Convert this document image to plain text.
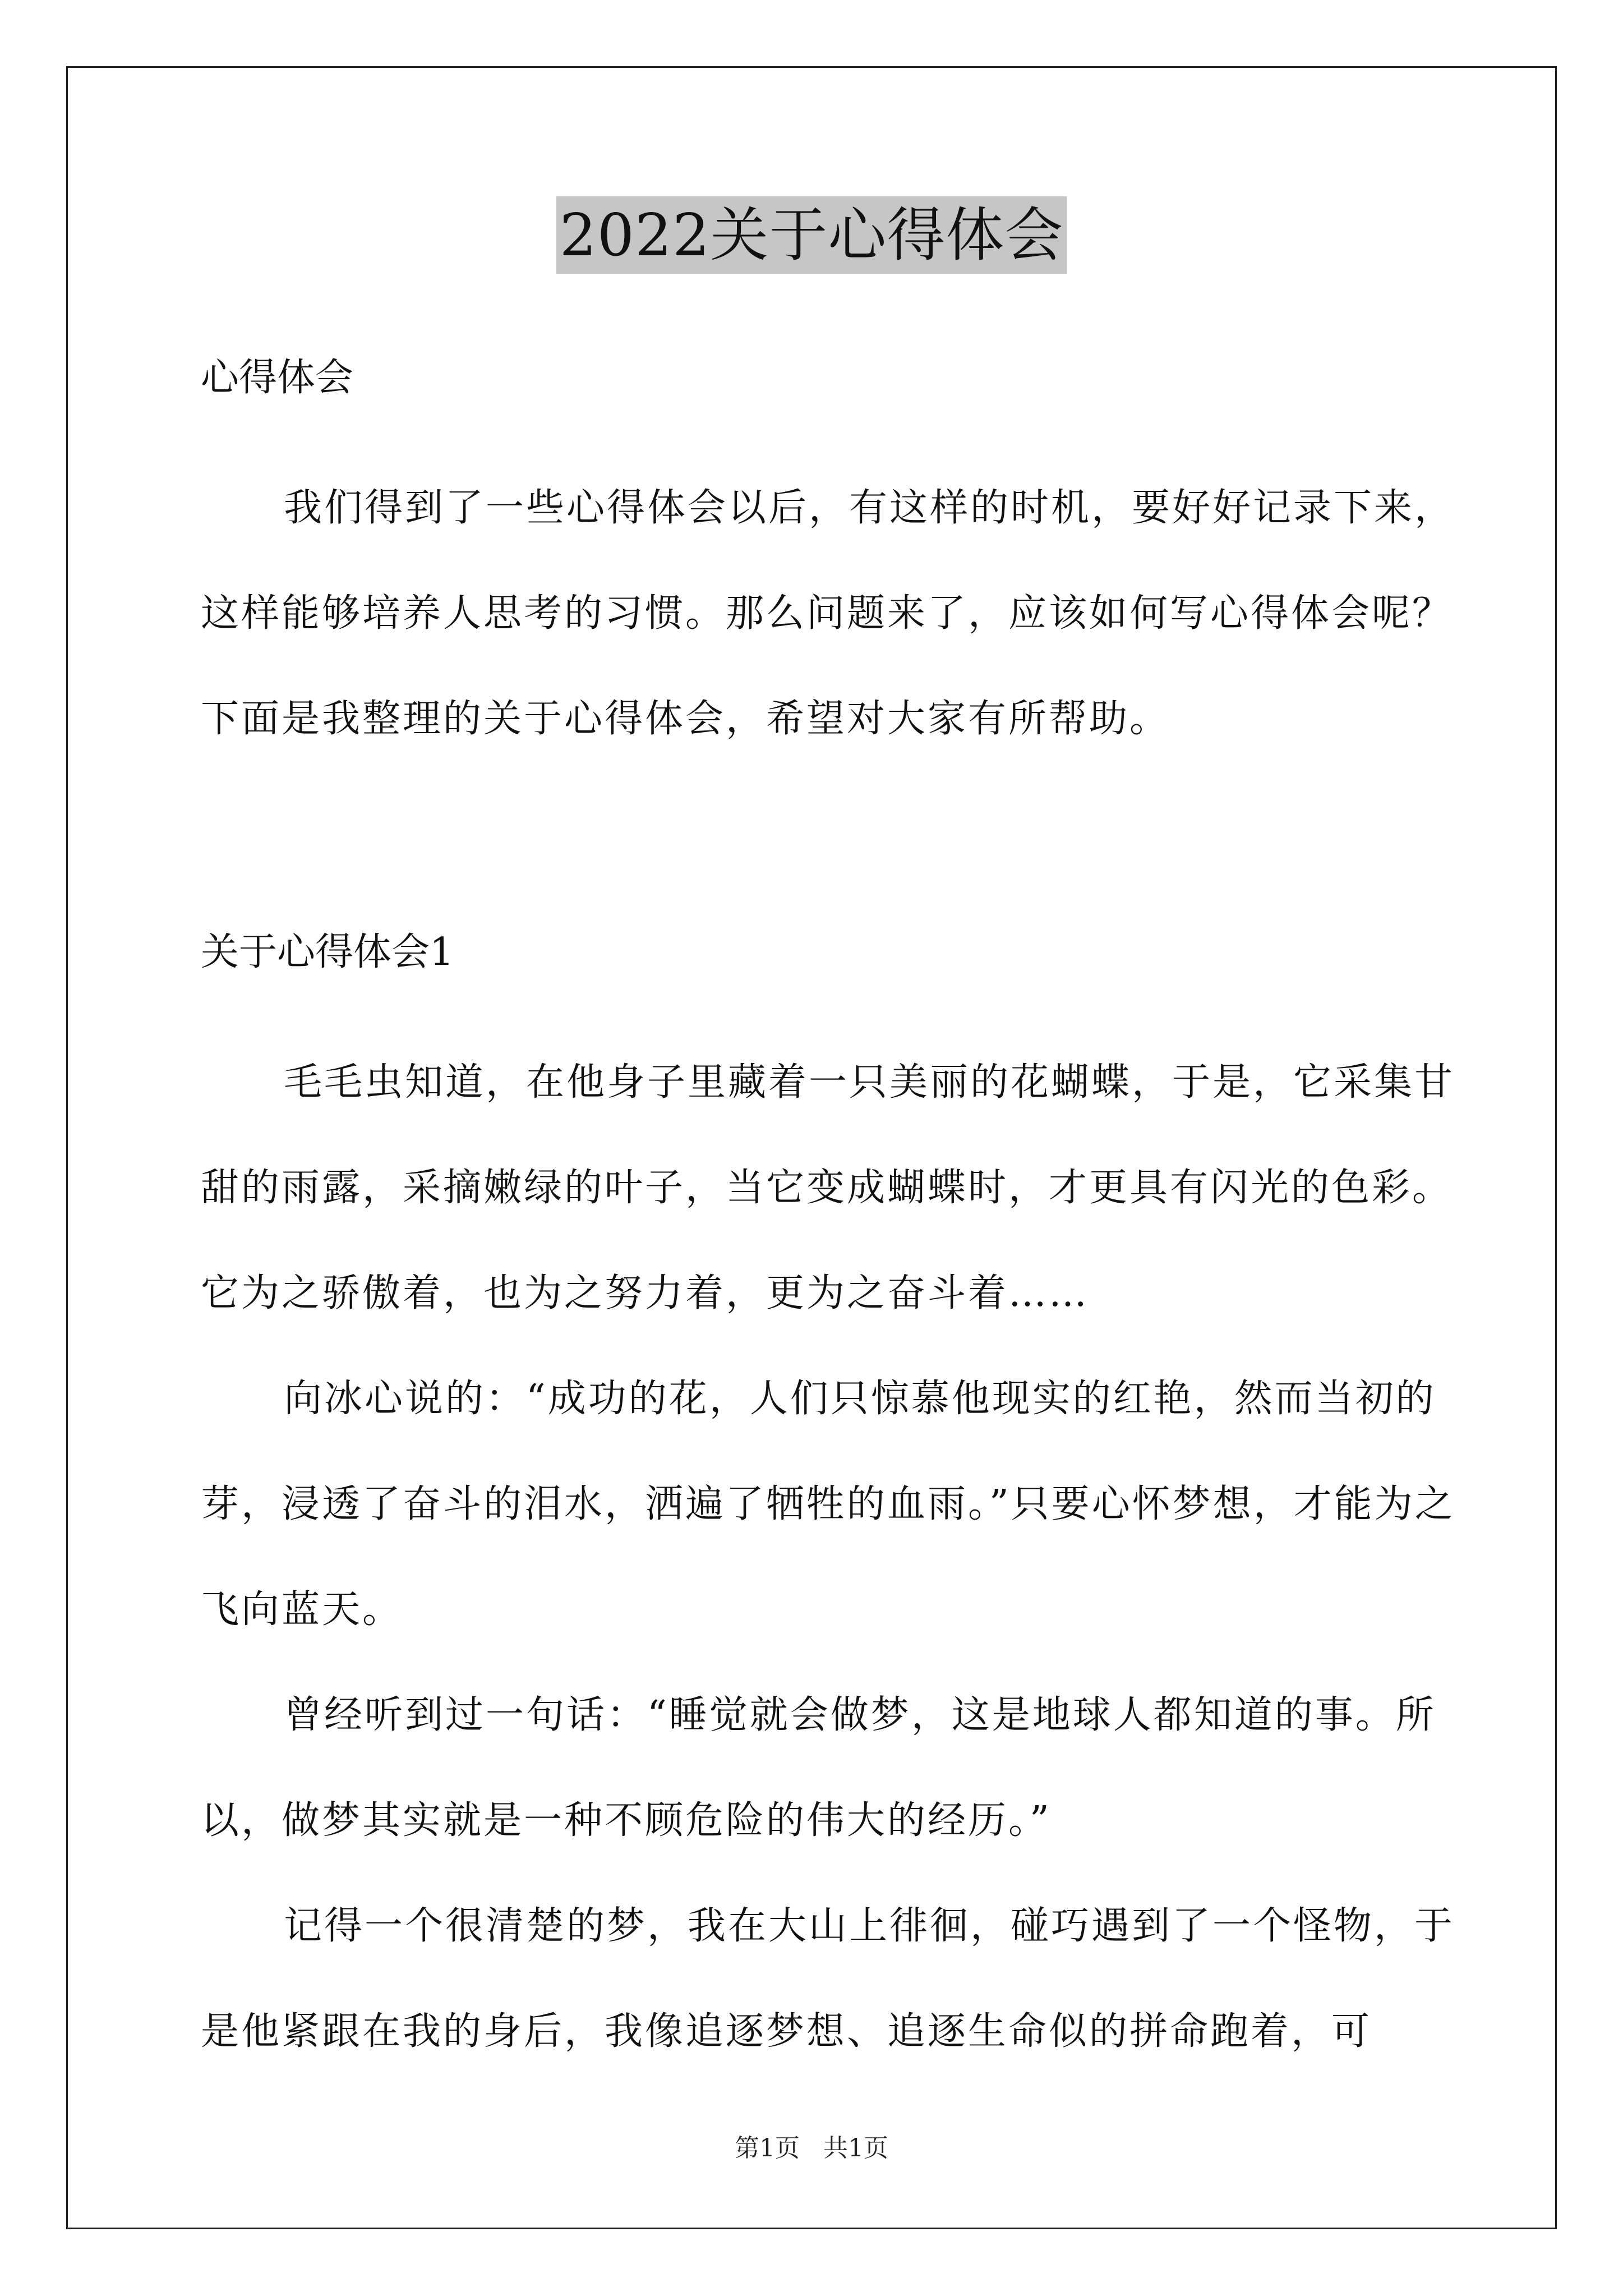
2022关于心得体会

心得体会

我们得到了一些心得体会以后，有这样的时机，要好好记录下来，这样能够培养人思考的习惯。那么问题来了，应该如何写心得体会呢？下面是我整理的关于心得体会，希望对大家有所帮助。

关于心得体会1

毛毛虫知道，在他身子里藏着一只美丽的花蝴蝶，于是，它采集甘甜的雨露，采摘嫩绿的叶子，当它变成蝴蝶时，才更具有闪光的色彩。它为之骄傲着，也为之努力着，更为之奋斗着……

向冰心说的：“成功的花，人们只惊慕他现实的红艳，然而当初的芽，浸透了奋斗的泪水，洒遍了牺牲的血雨。”只要心怀梦想，才能为之飞向蓝天。

曾经听到过一句话：“睡觉就会做梦，这是地球人都知道的事。所以，做梦其实就是一种不顾危险的伟大的经历。”

记得一个很清楚的梦，我在大山上徘徊，碰巧遇到了一个怪物，于是他紧跟在我的身后，我像追逐梦想、追逐生命似的拼命跑着，可

第1页   共1页
